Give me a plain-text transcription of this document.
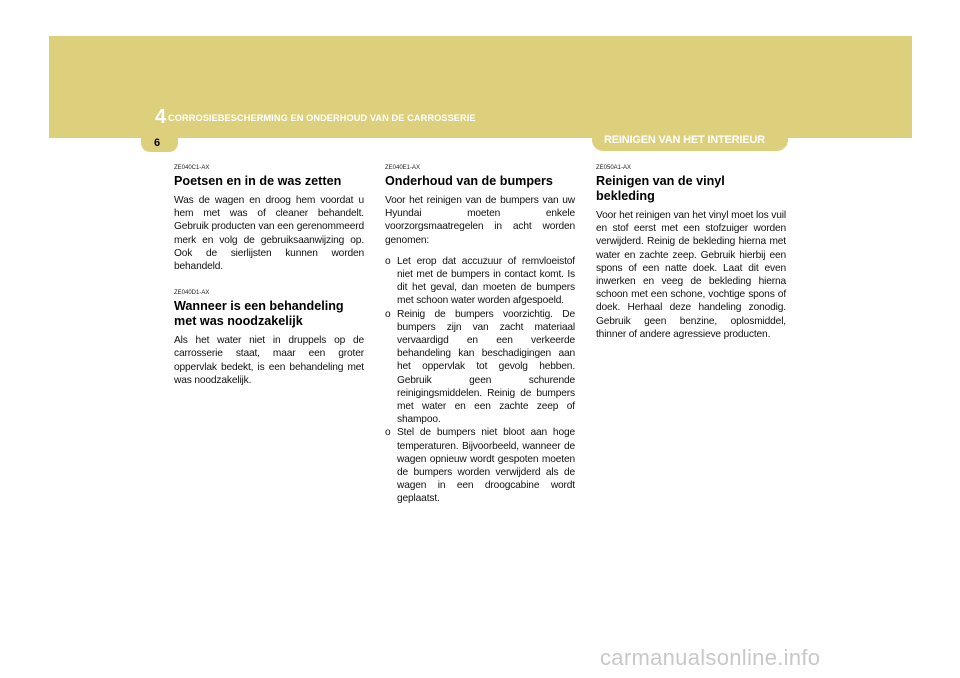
4 CORROSIEBESCHERMING EN ONDERHOUD VAN DE CARROSSERIE
6	REINIGEN VAN HET INTERIEUR
ZE040C1-AX
Poetsen en in de was zetten
Was de wagen en droog hem voordat u hem met was of cleaner behandelt. Gebruik producten van een gerenommeerd merk en volg de gebruiksaanwijzing op. Ook de sierlijsten kunnen worden behandeld.
ZE040D1-AX
Wanneer is een behandeling met was noodzakelijk
Als het water niet in druppels op de carrosserie staat, maar een groter oppervlak bedekt, is een behandeling met was noodzakelijk.
ZE040E1-AX
Onderhoud van de bumpers
Voor het reinigen van de bumpers van uw Hyundai moeten enkele voorzorgsmaatregelen in acht worden genomen:
o Let erop dat accuzuur of remvloeistof niet met de bumpers in contact komt. Is dit het geval, dan moeten de bumpers met schoon water worden afgespoeld.
o Reinig de bumpers voorzichtig. De bumpers zijn van zacht materiaal vervaardigd en een verkeerde behandeling kan beschadigingen aan het oppervlak tot gevolg hebben. Gebruik geen schurende reinigingsmiddelen. Reinig de bumpers met water en een zachte zeep of shampoo.
o Stel de bumpers niet bloot aan hoge temperaturen. Bijvoorbeeld, wanneer de wagen opnieuw wordt gespoten moeten de bumpers worden verwijderd als de wagen in een droogcabine wordt geplaatst.
ZE050A1-AX
Reinigen van de vinyl bekleding
Voor het reinigen van het vinyl moet los vuil en stof eerst met een stofzuiger worden verwijderd. Reinig de bekleding hierna met water en zachte zeep. Gebruik hierbij een spons of een natte doek. Laat dit even inwerken en veeg de bekleding hierna schoon met een schone, vochtige spons of doek. Herhaal deze handeling zonodig. Gebruik geen benzine, oplosmiddel, thinner of andere agressieve producten.
carmanualsonline.info
